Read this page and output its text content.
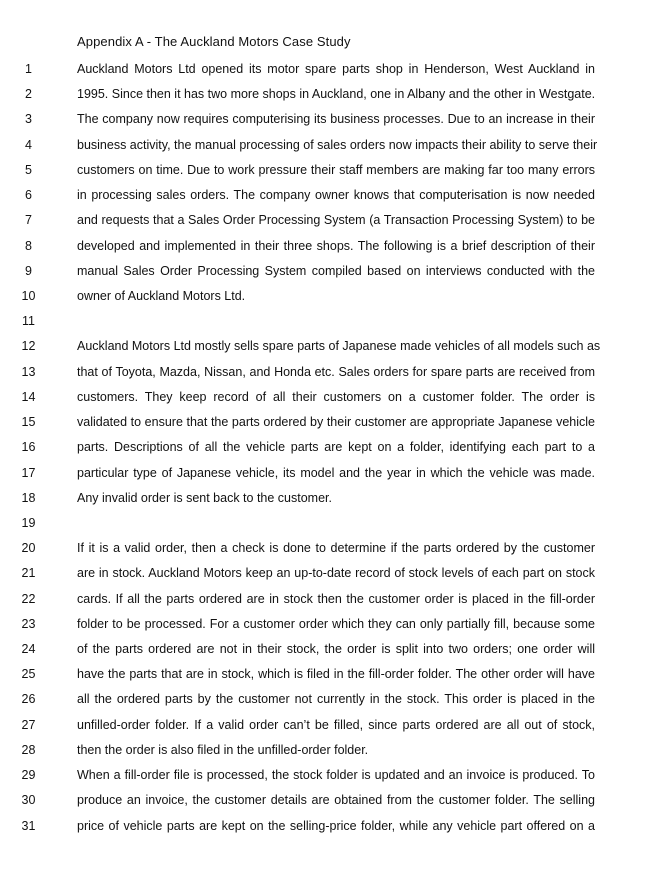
Appendix A - The Auckland Motors Case Study
1	Auckland Motors Ltd opened its motor spare parts shop in Henderson, West Auckland in
2	1995. Since then it has two more shops in Auckland, one in Albany and the other in Westgate.
3	The company now requires computerising its business processes. Due to an increase in their
4	business activity, the manual processing of sales orders now impacts their ability to serve their
5	customers on time. Due to work pressure their staff members are making far too many errors
6	in processing sales orders. The company owner knows that computerisation is now needed
7	and requests that a Sales Order Processing System (a Transaction Processing System) to be
8	developed and implemented in their three shops. The following is a brief description of their
9	manual Sales Order Processing System compiled based on interviews conducted with the
10	owner of Auckland Motors Ltd.
11
12	Auckland Motors Ltd mostly sells spare parts of Japanese made vehicles of all models such as
13	that of Toyota, Mazda, Nissan, and Honda etc. Sales orders for spare parts are received from
14	customers. They keep record of all their customers on a customer folder. The order is
15	validated to ensure that the parts ordered by their customer are appropriate Japanese vehicle
16	parts. Descriptions of all the vehicle parts are kept on a folder, identifying each part to a
17	particular type of Japanese vehicle, its model and the year in which the vehicle was made.
18	Any invalid order is sent back to the customer.
19
20	If it is a valid order, then a check is done to determine if the parts ordered by the customer
21	are in stock. Auckland Motors keep an up-to-date record of stock levels of each part on stock
22	cards. If all the parts ordered are in stock then the customer order is placed in the fill-order
23	folder to be processed. For a customer order which they can only partially fill, because some
24	of the parts ordered are not in their stock, the order is split into two orders; one order will
25	have the parts that are in stock, which is filed in the fill-order folder. The other order will have
26	all the ordered parts by the customer not currently in the stock. This order is placed in the
27	unfilled-order folder. If a valid order can’t be filled, since parts ordered are all out of stock,
28	then the order is also filed in the unfilled-order folder.
29	When a fill-order file is processed, the stock folder is updated and an invoice is produced. To
30	produce an invoice, the customer details are obtained from the customer folder. The selling
31	price of vehicle parts are kept on the selling-price folder, while any vehicle part offered on a
